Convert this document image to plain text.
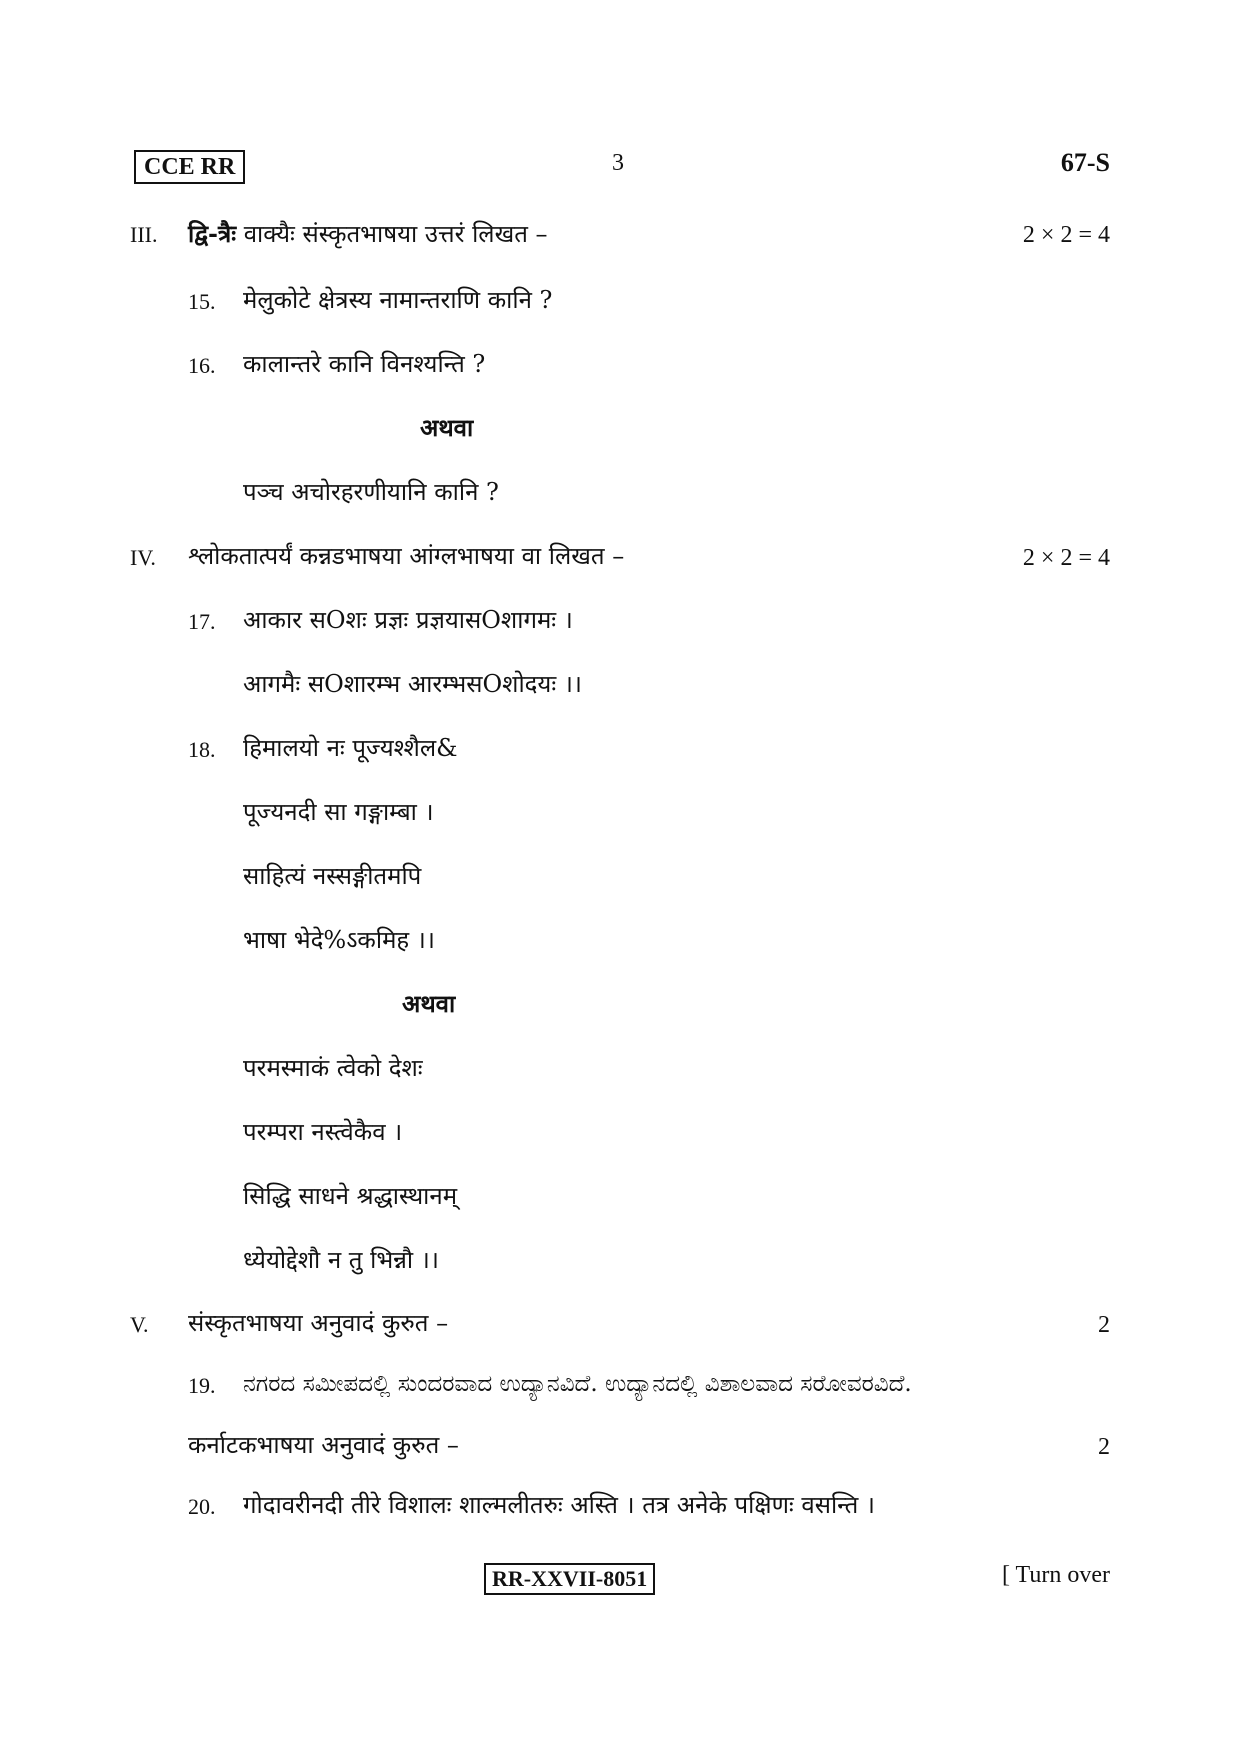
CCE RR	3	67-S
III. द्वि-त्रैः वाक्यैः संस्कृतभाषया उत्तरं लिखत –	2 × 2 = 4
15. मेलुकोटे क्षेत्रस्य नामान्तराणि कानि ?
16. कालान्तरे कानि विनश्यन्ति ?
अथवा
पञ्च अचोरहरणीयानि कानि ?
IV. श्लोकतात्पर्यं कन्नडभाषया आंग्लभाषया वा लिखत –	2 × 2 = 4
17. आकार सOशः प्रज्ञः प्रज्ञयासOशागमः ।
आगमैः सOशारम्भ आरम्भसOशोदयः ।।
18. हिमालयो नः पूज्यश्शैल&
पूज्यनदी सा गङ्गाम्बा ।
साहित्यं नस्सङ्गीतमपि
भाषा भेदे%ऽकमिह ।।
अथवा
परमस्माकं त्वेको देशः
परम्परा नस्त्वेकैव ।
सिद्धि साधने श्रद्धास्थानम्
ध्येयोद्देशौ न तु भिन्नौ ।।
V. संस्कृतभाषया अनुवादं कुरुत –	2
19. ನಗರದ ಸಮೀಪದಲ್ಲಿ ಸುಂದರವಾದ ಉದ್ಯಾನವಿದೆ. ಉದ್ಯಾನದಲ್ಲಿ ವಿಶಾಲವಾದ ಸರೋವರವಿದೆ.
कर्नाटकभाषया अनुवादं कुरुत –	2
20. गोदावरीनदी तीरे विशालः शाल्मलीतरुः अस्ति । तत्र अनेके पक्षिणः वसन्ति ।
RR-XXVII-8051	[ Turn over
